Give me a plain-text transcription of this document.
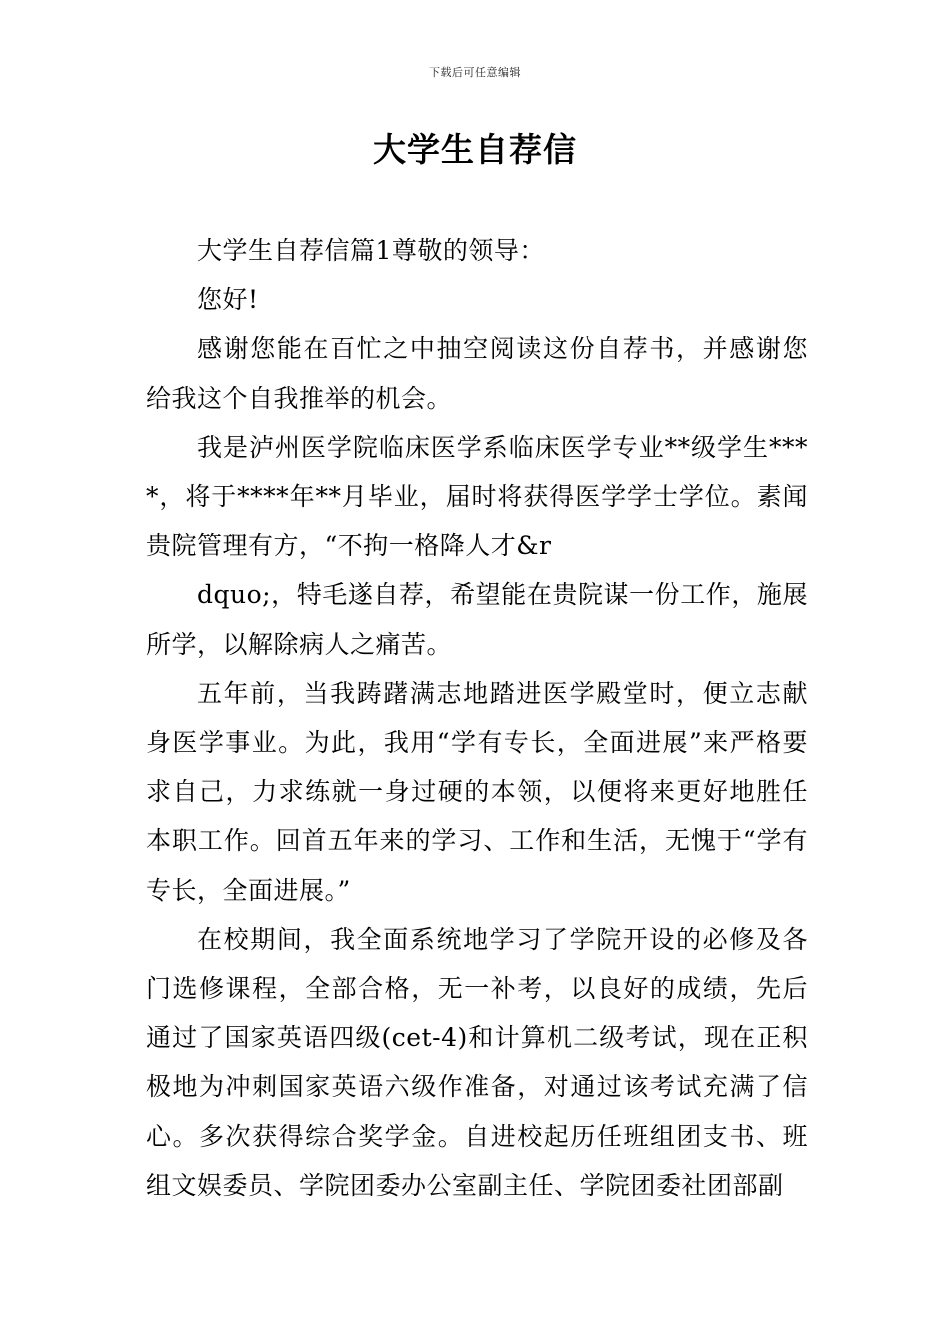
下载后可任意编辑
大学生自荐信

大学生自荐信篇1尊敬的领导：

您好!

感谢您能在百忙之中抽空阅读这份自荐书，并感谢您给我这个自我推举的机会。

我是泸州医学院临床医学系临床医学专业**级学生****，将于****年**月毕业，届时将获得医学学士学位。素闻贵院管理有方，“不拘一格降人才&r

dquo;，特毛遂自荐，希望能在贵院谋一份工作，施展所学，以解除病人之痛苦。

五年前，当我踌躇满志地踏进医学殿堂时，便立志献身医学事业。为此，我用“学有专长，全面进展”来严格要求自己，力求练就一身过硬的本领，以便将来更好地胜任本职工作。回首五年来的学习、工作和生活，无愧于“学有专长，全面进展。”

在校期间，我全面系统地学习了学院开设的必修及各门选修课程，全部合格，无一补考，以良好的成绩，先后通过了国家英语四级(cet-4)和计算机二级考试，现在正积极地为冲刺国家英语六级作准备，对通过该考试充满了信心。多次获得综合奖学金。自进校起历任班组团支书、班组文娱委员、学院团委办公室副主任、学院团委社团部副
